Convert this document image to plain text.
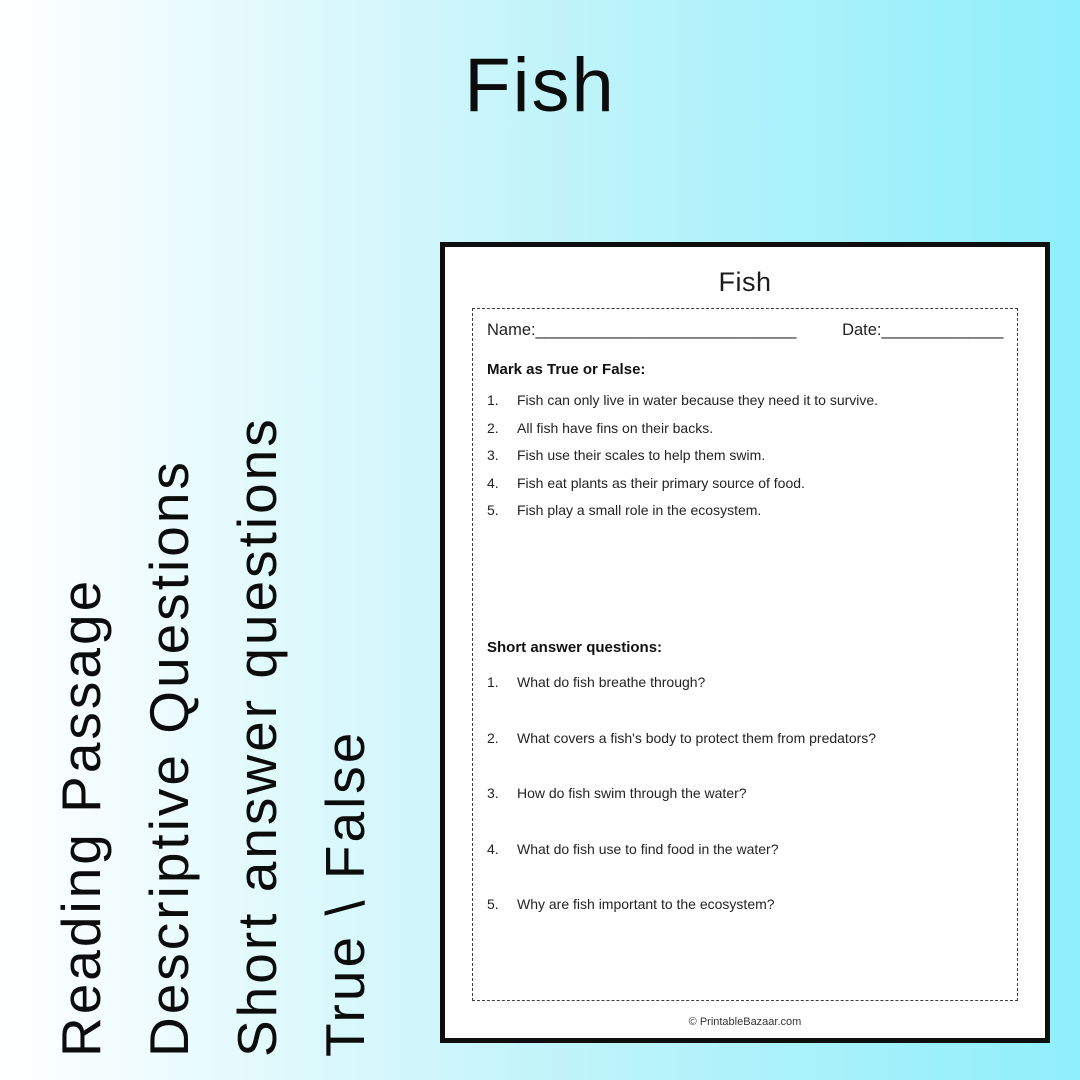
Fish
Reading Passage Descriptive Questions Short answer questions True \ False
Fish
Name: ______________________________	Date:______________
Mark as True or False:
1.	Fish can only live in water because they need it to survive.
2.	All fish have fins on their backs.
3.	Fish use their scales to help them swim.
4.	Fish eat plants as their primary source of food.
5.	Fish play a small role in the ecosystem.
Short answer questions:
1.	What do fish breathe through?
2.	What covers a fish's body to protect them from predators?
3.	How do fish swim through the water?
4.	What do fish use to find food in the water?
5.	Why are fish important to the ecosystem?
© PrintableBazaar.com
